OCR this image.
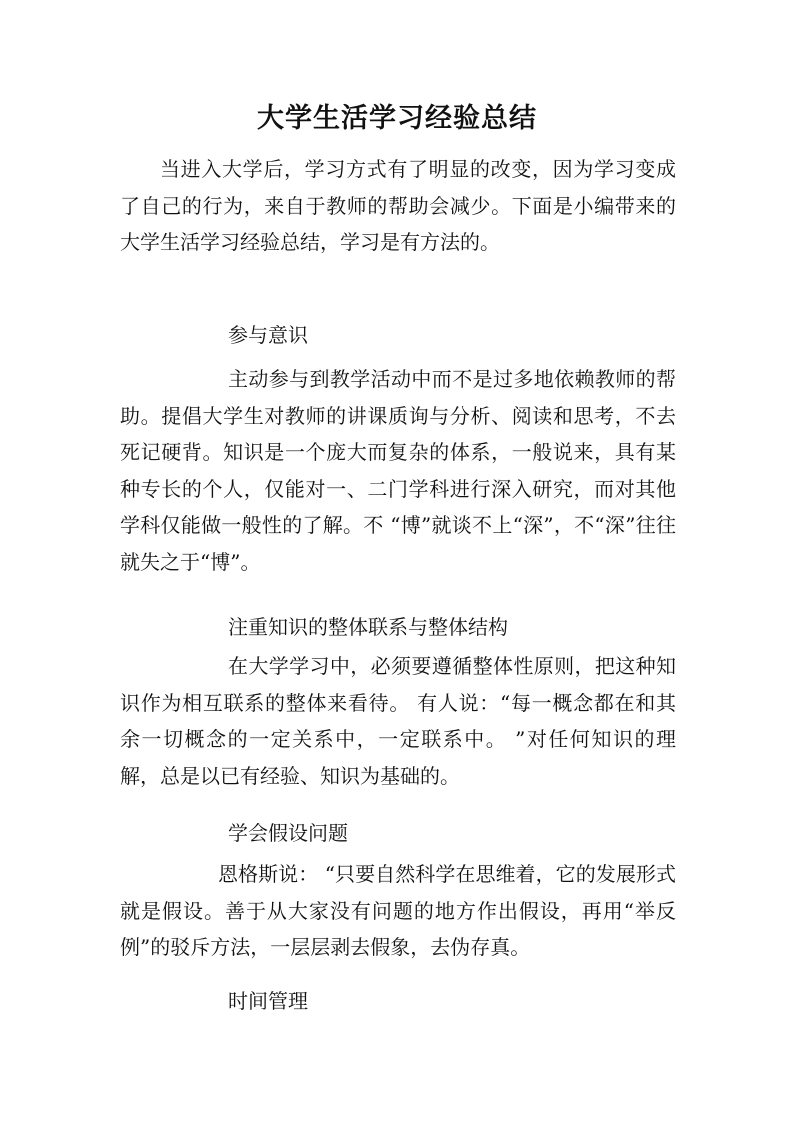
大学生活学习经验总结

当进入大学后，学习方式有了明显的改变，因为学习变成了自己的行为，来自于教师的帮助会减少。下面是小编带来的大学生活学习经验总结，学习是有方法的。

参与意识

主动参与到教学活动中而不是过多地依赖教师的帮助。提倡大学生对教师的讲课质询与分析、阅读和思考，不去死记硬背。知识是一个庞大而复杂的体系，一般说来，具有某种专长的个人，仅能对一、二门学科进行深入研究，而对其他学科仅能做一般性的了解。不 “博”就谈不上“深”，不“深”往往就失之于“博”。

注重知识的整体联系与整体结构

在大学学习中，必须要遵循整体性原则，把这种知识作为相互联系的整体来看待。 有人说：“每一概念都在和其余一切概念的一定关系中，一定联系中。 ”对任何知识的理解，总是以已有经验、知识为基础的。

学会假设问题

恩格斯说： “只要自然科学在思维着，它的发展形式就是假设。善于从大家没有问题的地方作出假设，再用“举反例”的驳斥方法，一层层剥去假象，去伪存真。

时间管理
